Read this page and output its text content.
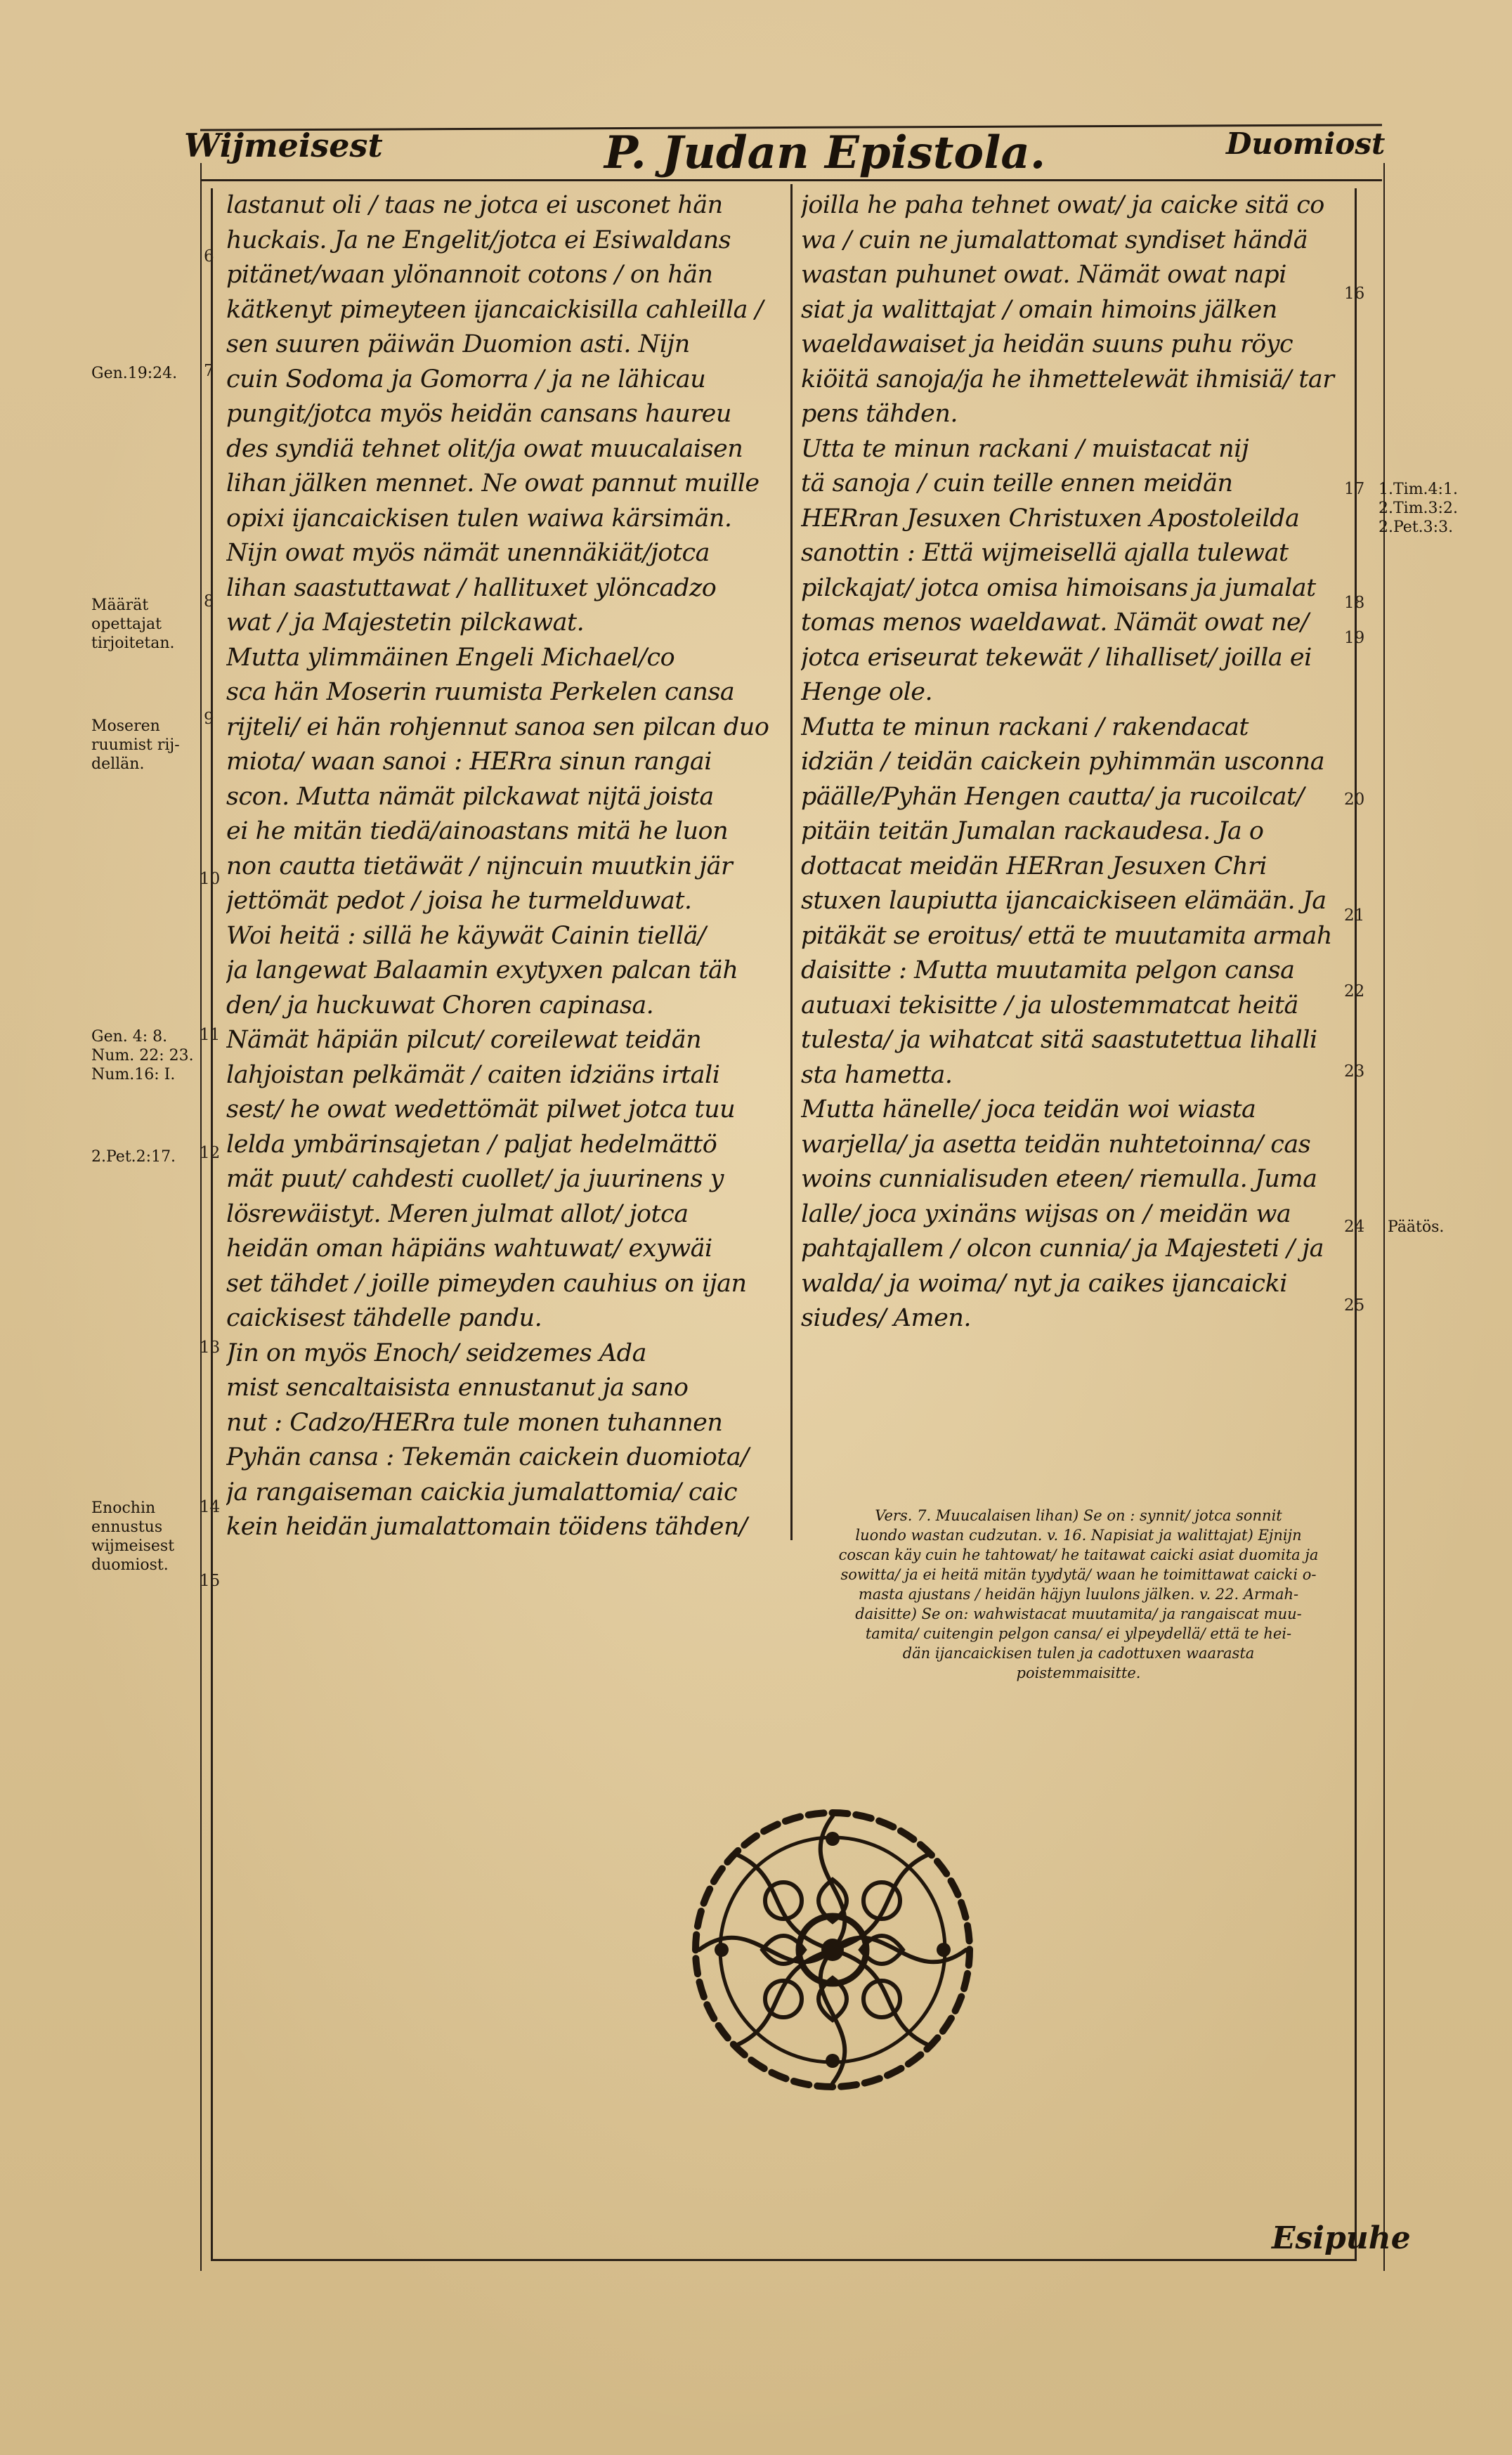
Wijmeisest	P. Judan Epistola.	Duomiost
lastanut oli / taas ne jotca ei usconet hän
huckais. Ja ne Engelit/jotca ei Esiwaldans
pitänet/waan ylönannoit cotons / on hän
kätkenyt pimeyteen ijancaickisilla cahleilla /
sen suuren päiwän Duomion asti. Nijn
cuin Sodoma ja Gomorra / ja ne lähicau
pungit/jotca myös heidän cansans haureu
des syndiä tehnet olit/ja owat muucalaisen
lihan jälken mennet. Ne owat pannut muille
opixi ijancaickisen tulen waiwa kärsimän.
Nijn owat myös nämät unennäkiät/jotca
lihan saastuttawat / hallituxet ylöncadzo
wat / ja Majestetin pilckawat.
Mutta ylimmäinen Engeli Michael/co
sca hän Moserin ruumista Perkelen cansa
rijteli/ ei hän rohjennut sanoa sen pilcan duo
miota/ waan sanoi : HERra sinun rangai
scon. Mutta nämät pilckawat nijtä joista
ei he mitän tiedä/ainoastans mitä he luon
non cautta tietäwät / nijncuin muutkin jär
jettömät pedot / joisa he turmelduwat.
Woi heitä : sillä he käywät Cainin tiellä/
ja langewat Balaamin exytyxen palcan täh
den/ ja huckuwat Choren capinasa.
Nämät häpiän pilcut/ coreilewat teidän
lahjoistan pelkämät / caiten idziäns irtali
sest/ he owat wedettömät pilwet jotca tuu
lelda ymbärinsajetan / paljat hedelmättö
mät puut/ cahdesti cuollet/ ja juurinens y
lösrewäistyt. Meren julmat allot/ jotca
heidän oman häpiäns wahtuwat/ exywäi
set tähdet / joille pimeyden cauhius on ijan
caickisest tähdelle pandu.
Jin on myös Enoch/ seidzemes Ada
mist sencaltaisista ennustanut ja sano
nut : Cadzo/HERra tule monen tuhannen
Pyhän cansa : Tekemän caickein duomiota/
ja rangaiseman caickia jumalattomia/ caic
kein heidän jumalattomain töidens tähden/
joilla he paha tehnet owat/ ja caicke sitä co
wa / cuin ne jumalattomat syndiset händä
wastan puhunet owat. Nämät owat napi
siat ja walittajat / omain himoins jälken
waeldawaiset ja heidän suuns puhu röyc
kiöitä sanoja/ja he ihmettelewät ihmisiä/ tar
pens tähden.
Utta te minun rackani / muistacat nij
tä sanoja / cuin teille ennen meidän
HERran Jesuxen Christuxen Apostoleilda
sanottin : Että wijmeisellä ajalla tulewat
pilckajat/ jotca omisa himoisans ja jumalat
tomas menos waeldawat. Nämät owat ne/
jotca eriseurat tekewät / lihalliset/ joilla ei
Henge ole.
Mutta te minun rackani / rakendacat
idziän / teidän caickein pyhimmän usconna
päälle/Pyhän Hengen cautta/ ja rucoilcat/
pitäin teitän Jumalan rackaudesa. Ja o
dottacat meidän HERran Jesuxen Chri
stuxen laupiutta ijancaickiseen elämään. Ja
pitäkät se eroitus/ että te muutamita armah
daisitte : Mutta muutamita pelgon cansa
autuaxi tekisitte / ja ulostemmatcat heitä
tulesta/ ja wihatcat sitä saastutettua lihalli
sta hametta.
Mutta hänelle/ joca teidän woi wiasta
warjella/ ja asetta teidän nuhtetoinna/ cas
woins cunnialisuden eteen/ riemulla. Juma
lalle/ joca yxinäns wijsas on / meidän wa
pahtajallem / olcon cunnia/ ja Majesteti / ja
walda/ ja woima/ nyt ja caikes ijancaicki
siudes/ Amen.
6
7
8
9
10
11
12
13
14
15
16
17
18
19
20
21
22
23
24
25
Gen.19:24.
Määrät opettajat tirjoitetan.
Moseren ruumist rij- dellän.
Gen. 4: 8. Num. 22: 23. Num.16: I.
2.Pet.2:17.
Enochin ennustus wijmeisest duomiost.
1.Tim.4:1. 2.Tim.3:2. 2.Pet.3:3.
Päätös.
Vers. 7. Muucalaisen lihan) Se on : synnit/ jotca sonnit
luondo wastan cudzutan. v. 16. Napisiat ja walittajat) Ejnijn
coscan käy cuin he tahtowat/ he taitawat caicki asiat duomita ja
sowitta/ ja ei heitä mitän tyydytä/ waan he toimittawat caicki o-
masta ajustans / heidän häjyn luulons jälken. v. 22. Armah-
daisitte) Se on: wahwistacat muutamita/ ja rangaiscat muu-
tamita/ cuitengin pelgon cansa/ ei ylpeydellä/ että te hei-
dän ijancaickisen tulen ja cadottuxen waarasta
poistemmaisitte.
Esipuhe
